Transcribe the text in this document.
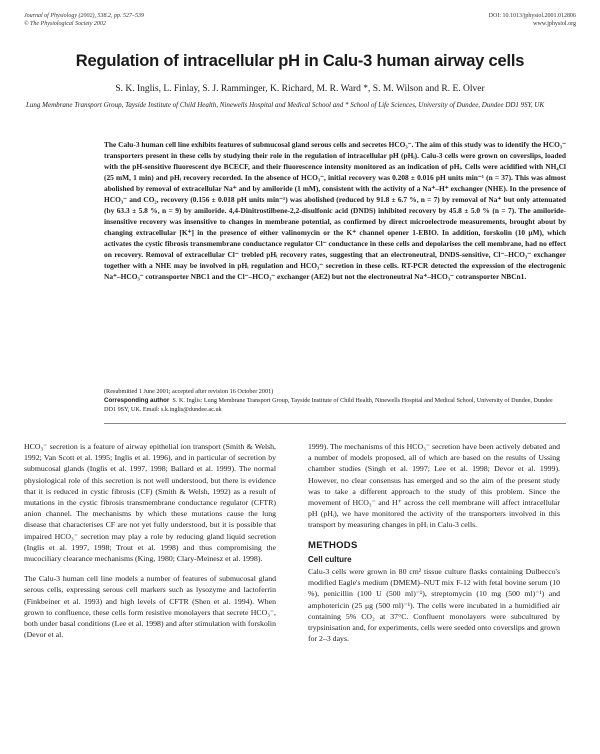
Journal of Physiology (2002), 538.2, pp. 527–539
© The Physiological Society 2002
DOI: 10.1013/jphysiol.2001.012806
www.jphysiol.org
Regulation of intracellular pH in Calu-3 human airway cells
S. K. Inglis, L. Finlay, S. J. Ramminger, K. Richard, M. R. Ward *, S. M. Wilson and R. E. Olver
Lung Membrane Transport Group, Tayside Institute of Child Health, Ninewells Hospital and Medical School and * School of Life Sciences, University of Dundee, Dundee DD1 9SY, UK

The Calu-3 human cell line exhibits features of submucosal gland serous cells and secretes HCO₃⁻. The aim of this study was to identify the HCO₃⁻ transporters present in these cells by studying their role in the regulation of intracellular pH (pHᵢ). Calu-3 cells were grown on coverslips, loaded with the pH-sensitive fluorescent dye BCECF, and their fluorescence intensity monitored as an indication of pHᵢ. Cells were acidified with NH₄Cl (25 mM, 1 min) and pHᵢ recovery recorded. In the absence of HCO₃⁻, initial recovery was 0.208 ± 0.016 pH units min⁻¹ (n = 37). This was almost abolished by removal of extracellular Na⁺ and by amiloride (1 mM), consistent with the activity of a Na⁺–H⁺ exchanger (NHE). In the presence of HCO₃⁻ and CO₂, recovery (0.156 ± 0.018 pH units min⁻¹) was abolished (reduced by 91.8 ± 6.7 %, n = 7) by removal of Na⁺ but only attenuated (by 63.3 ± 5.8 %, n = 9) by amiloride. 4,4-Dinitrostilbene-2,2-disulfonic acid (DNDS) inhibited recovery by 45.8 ± 5.0 % (n = 7). The amiloride-insensitive recovery was insensitive to changes in membrane potential, as confirmed by direct microelectrode measurements, brought about by changing extracellular [K⁺] in the presence of either valinomycin or the K⁺ channel opener 1-EBIO. In addition, forskolin (10 μM), which activates the cystic fibrosis transmembrane conductance regulator Cl⁻ conductance in these cells and depolarises the cell membrane, had no effect on recovery. Removal of extracellular Cl⁻ trebled pHᵢ recovery rates, suggesting that an electroneutral, DNDS-sensitive, Cl⁻–HCO₃⁻ exchanger together with a NHE may be involved in pHᵢ regulation and HCO₃⁻ secretion in these cells. RT-PCR detected the expression of the electrogenic Na⁺–HCO₃⁻ cotransporter NBC1 and the Cl⁻–HCO₃⁻ exchanger (AE2) but not the electroneutral Na⁺–HCO₃⁻ cotransporter NBCn1.

(Resubmitted 1 June 2001; accepted after revision 16 October 2001)
Corresponding author S. K. Inglis: Lung Membrane Transport Group, Tayside Institute of Child Health, Ninewells Hospital and Medical School, University of Dundee, Dundee DD1 9SY, UK. Email: s.k.inglis@dundee.ac.uk

HCO₃⁻ secretion is a feature of airway epithelial ion transport (Smith & Welsh, 1992; Van Scott et al. 1995; Inglis et al. 1996), and in particular of secretion by submucosal glands (Inglis et al. 1997, 1998; Ballard et al. 1999). The normal physiological role of this secretion is not well understood, but there is evidence that it is reduced in cystic fibrosis (CF) (Smith & Welsh, 1992) as a result of mutations in the cystic fibrosis transmembrane conductance regulator (CFTR) anion channel. The mechanisms by which these mutations cause the lung disease that characterises CF are not yet fully understood, but it is possible that impaired HCO₃⁻ secretion may play a role by reducing gland liquid secretion (Inglis et al. 1997, 1998; Trout et al. 1998) and thus compromising the mucociliary clearance mechanisms (King, 1980; Clary-Meinesz et al. 1998).

The Calu-3 human cell line models a number of features of submucosal gland serous cells, expressing serous cell markers such as lysozyme and lactoferrin (Finkbeiner et al. 1993) and high levels of CFTR (Shen et al. 1994). When grown to confluence, these cells form resistive monolayers that secrete HCO₃⁻, both under basal conditions (Lee et al. 1998) and after stimulation with forskolin (Devor et al.

1999). The mechanisms of this HCO₃⁻ secretion have been actively debated and a number of models proposed, all of which are based on the results of Ussing chamber studies (Singh et al. 1997; Lee et al. 1998; Devor et al. 1999). However, no clear consensus has emerged and so the aim of the present study was to take a different approach to the study of this problem. Since the movement of HCO₃⁻ and H⁺ across the cell membrane will affect intracellular pH (pHᵢ), we have monitored the activity of the transporters involved in this transport by measuring changes in pHᵢ in Calu-3 cells.

METHODS
Cell culture

Calu-3 cells were grown in 80 cm² tissue culture flasks containing Dulbecco's modified Eagle's medium (DMEM)–NUT mix F-12 with fetal bovine serum (10 %), penicillin (100 U (500 ml)⁻¹), streptomycin (10 mg (500 ml)⁻¹) and amphotericin (25 μg (500 ml)⁻¹). The cells were incubated in a humidified air containing 5% CO₂ at 37°C. Confluent monolayers were subcultured by trypsinisation and, for experiments, cells were seeded onto coverslips and grown for 2–3 days.
